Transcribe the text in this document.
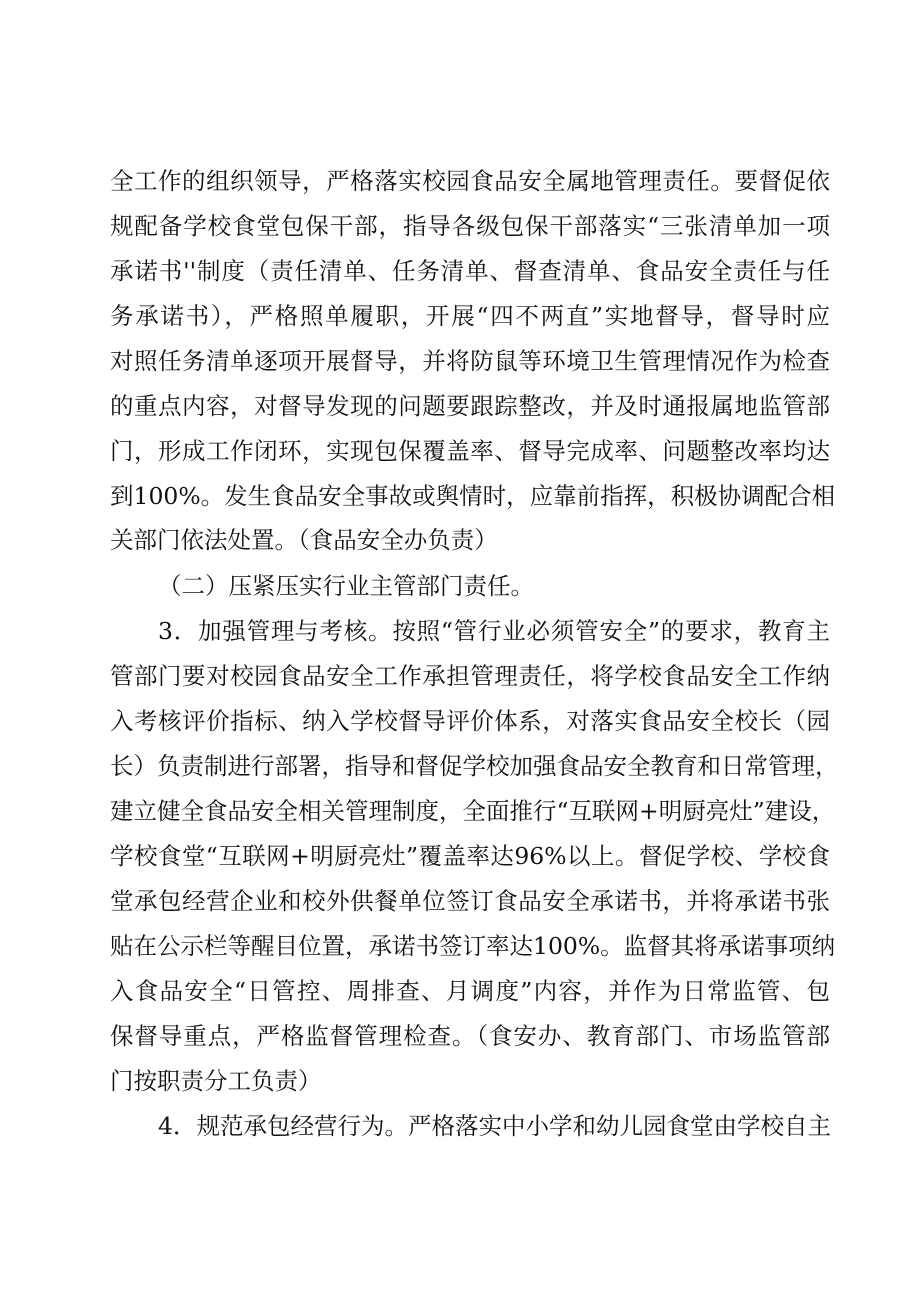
全工作的组织领导，严格落实校园食品安全属地管理责任。要督促依
规配备学校食堂包保干部，指导各级包保干部落实“三张清单加一项
承诺书''制度（责任清单、任务清单、督查清单、食品安全责任与任
务承诺书），严格照单履职，开展“四不两直”实地督导，督导时应
对照任务清单逐项开展督导，并将防鼠等环境卫生管理情况作为检查
的重点内容，对督导发现的问题要跟踪整改，并及时通报属地监管部
门，形成工作闭环，实现包保覆盖率、督导完成率、问题整改率均达
到100%。发生食品安全事故或舆情时，应靠前指挥，积极协调配合相
关部门依法处置。（食品安全办负责）
（二）压紧压实行业主管部门责任。
3．加强管理与考核。按照“管行业必须管安全”的要求，教育主
管部门要对校园食品安全工作承担管理责任，将学校食品安全工作纳
入考核评价指标、纳入学校督导评价体系，对落实食品安全校长（园
长）负责制进行部署，指导和督促学校加强食品安全教育和日常管理，
建立健全食品安全相关管理制度，全面推行“互联网+明厨亮灶”建设，
学校食堂“互联网+明厨亮灶”覆盖率达96%以上。督促学校、学校食
堂承包经营企业和校外供餐单位签订食品安全承诺书，并将承诺书张
贴在公示栏等醒目位置，承诺书签订率达100%。监督其将承诺事项纳
入食品安全“日管控、周排查、月调度”内容，并作为日常监管、包
保督导重点，严格监督管理检查。（食安办、教育部门、市场监管部
门按职责分工负责）
4．规范承包经营行为。严格落实中小学和幼儿园食堂由学校自主
